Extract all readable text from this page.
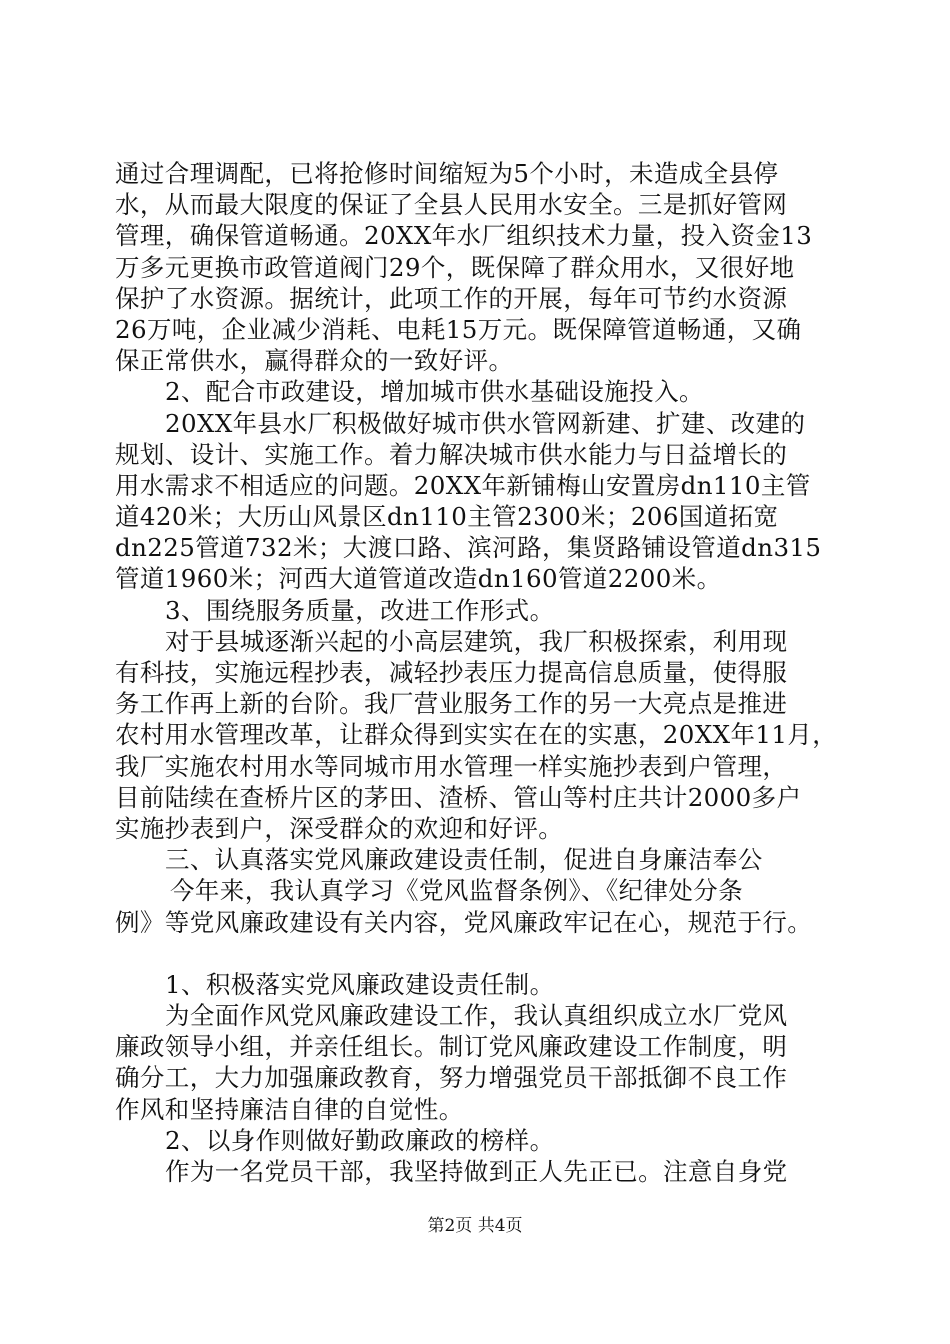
通过合理调配，已将抢修时间缩短为5个小时，未造成全县停
水，从而最大限度的保证了全县人民用水安全。三是抓好管网
管理，确保管道畅通。20XX年水厂组织技术力量，投入资金13
万多元更换市政管道阀门29个，既保障了群众用水，又很好地
保护了水资源。据统计，此项工作的开展，每年可节约水资源
26万吨，企业减少消耗、电耗15万元。既保障管道畅通，又确
保正常供水，赢得群众的一致好评。
2、配合市政建设，增加城市供水基础设施投入。
20XX年县水厂积极做好城市供水管网新建、扩建、改建的
规划、设计、实施工作。着力解决城市供水能力与日益增长的
用水需求不相适应的问题。20XX年新铺梅山安置房dn110主管
道420米；大历山风景区dn110主管2300米；206国道拓宽
dn225管道732米；大渡口路、滨河路，集贤路铺设管道dn315
管道1960米；河西大道管道改造dn160管道2200米。
3、围绕服务质量，改进工作形式。
对于县城逐渐兴起的小高层建筑，我厂积极探索，利用现
有科技，实施远程抄表，减轻抄表压力提高信息质量，使得服
务工作再上新的台阶。我厂营业服务工作的另一大亮点是推进
农村用水管理改革，让群众得到实实在在的实惠，20XX年11月，
我厂实施农村用水等同城市用水管理一样实施抄表到户管理，
目前陆续在查桥片区的茅田、渣桥、管山等村庄共计2000多户
实施抄表到户，深受群众的欢迎和好评。
三、认真落实党风廉政建设责任制，促进自身廉洁奉公
今年来，我认真学习《党风监督条例》、《纪律处分条
例》等党风廉政建设有关内容，党风廉政牢记在心，规范于行。
1、积极落实党风廉政建设责任制。
为全面作风党风廉政建设工作，我认真组织成立水厂党风
廉政领导小组，并亲任组长。制订党风廉政建设工作制度，明
确分工，大力加强廉政教育，努力增强党员干部抵御不良工作
作风和坚持廉洁自律的自觉性。
2、以身作则做好勤政廉政的榜样。
作为一名党员干部，我坚持做到正人先正已。注意自身党
第2页 共4页
